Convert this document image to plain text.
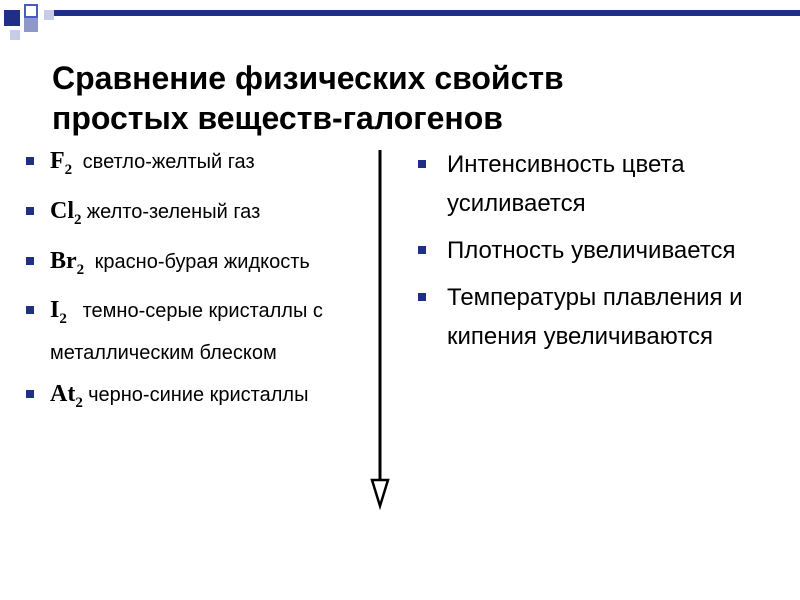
Сравнение физических свойств
простых веществ-галогенов
$F_2$ светло-желтый газ
$Cl_2$ желто-зеленый газ
$Br_2$ красно-бурая жидкость
$I_2$ темно-серые кристаллы с металлическим блеском
$At_2$ черно-синие кристаллы
Интенсивность цвета усиливается
Плотность увеличивается
Температуры плавления и кипения увеличиваются
